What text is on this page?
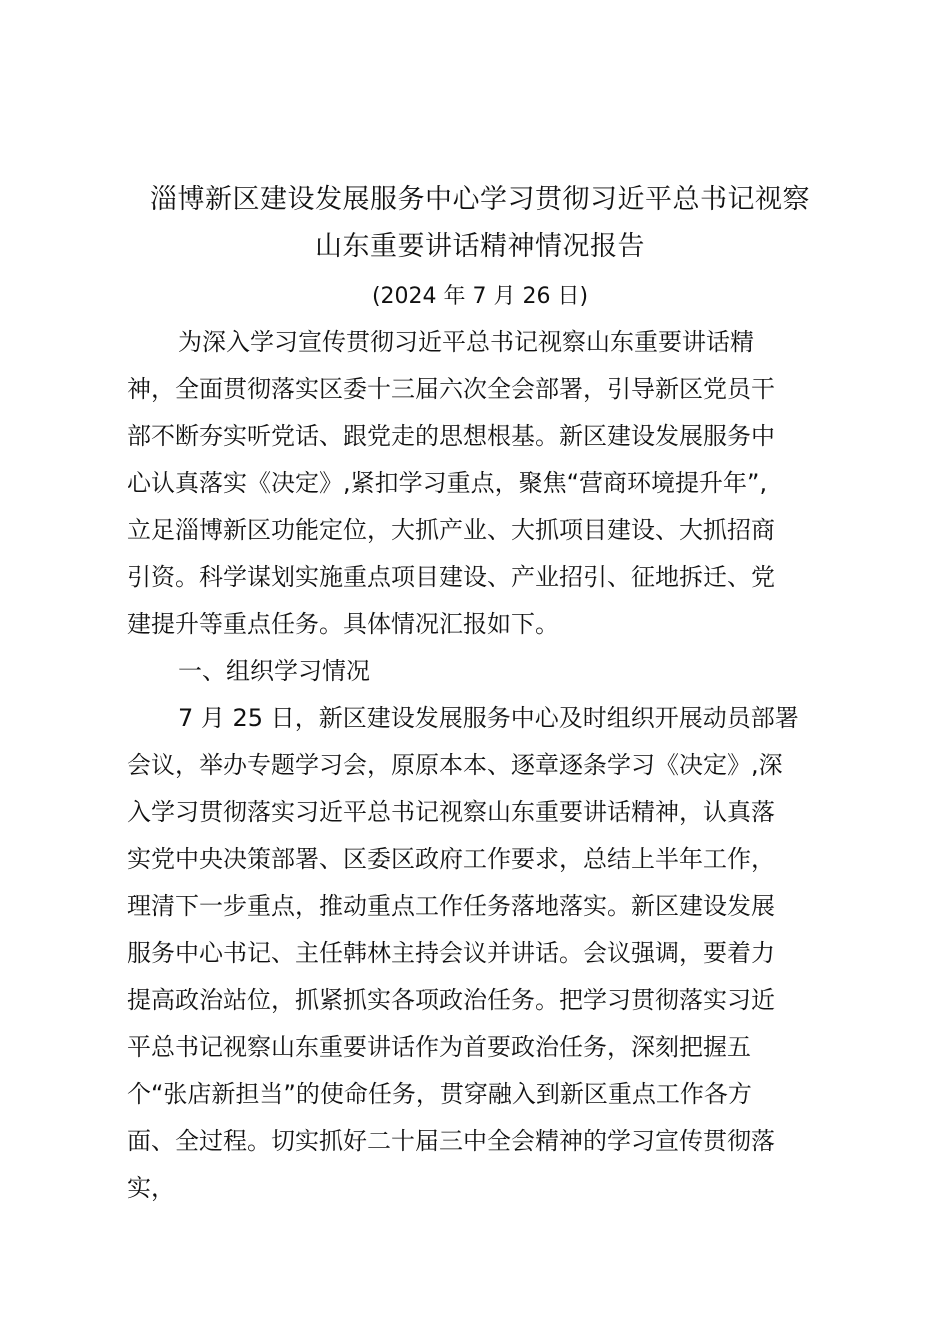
淄博新区建设发展服务中心学习贯彻习近平总书记视察
山东重要讲话精神情况报告
(2024 年 7 月 26 日)
为深入学习宣传贯彻习近平总书记视察山东重要讲话精
神，全面贯彻落实区委十三届六次全会部署，引导新区党员干
部不断夯实听党话、跟党走的思想根基。新区建设发展服务中
心认真落实《决定》,紧扣学习重点，聚焦“营商环境提升年”,
立足淄博新区功能定位，大抓产业、大抓项目建设、大抓招商
引资。科学谋划实施重点项目建设、产业招引、征地拆迁、党
建提升等重点任务。具体情况汇报如下。
一、组织学习情况
7 月 25 日，新区建设发展服务中心及时组织开展动员部署
会议，举办专题学习会，原原本本、逐章逐条学习《决定》,深
入学习贯彻落实习近平总书记视察山东重要讲话精神，认真落
实党中央决策部署、区委区政府工作要求，总结上半年工作，
理清下一步重点，推动重点工作任务落地落实。新区建设发展
服务中心书记、主任韩林主持会议并讲话。会议强调，要着力
提高政治站位，抓紧抓实各项政治任务。把学习贯彻落实习近
平总书记视察山东重要讲话作为首要政治任务，深刻把握五
个“张店新担当”的使命任务，贯穿融入到新区重点工作各方
面、全过程。切实抓好二十届三中全会精神的学习宣传贯彻落
实，
